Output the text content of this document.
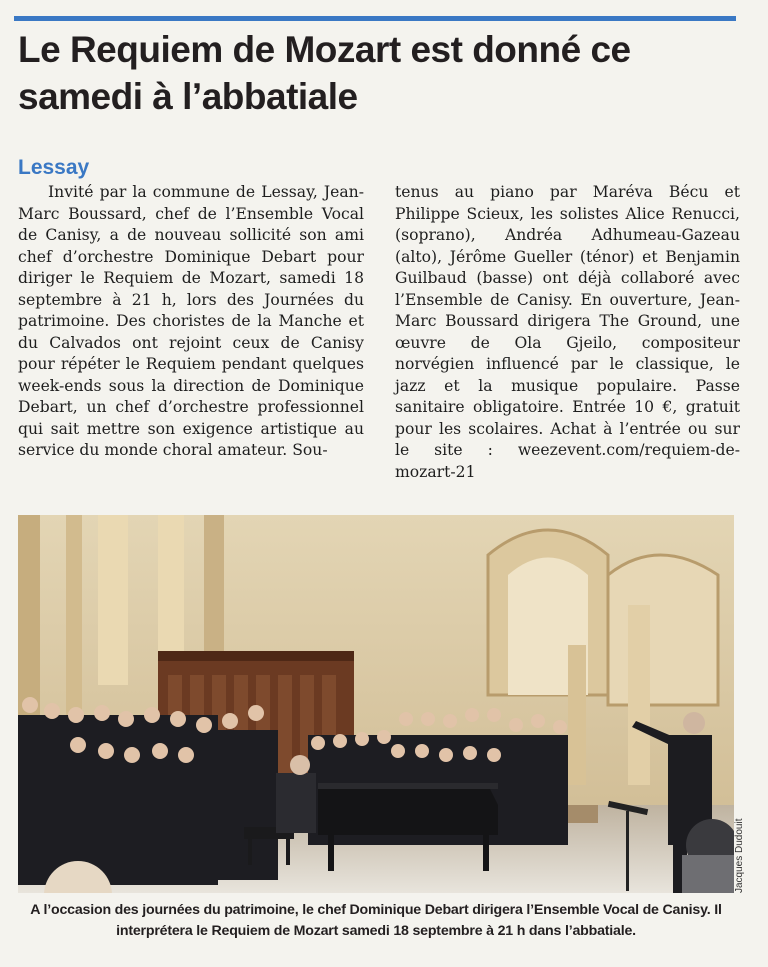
Le Requiem de Mozart est donné ce samedi à l’abbatiale
Lessay

Invité par la commune de Lessay, Jean-Marc Boussard, chef de l’Ensemble Vocal de Canisy, a de nouveau sollicité son ami chef d’orchestre Dominique Debart pour diriger le Requiem de Mozart, samedi 18 septembre à 21 h, lors des Journées du patrimoine. Des choristes de la Manche et du Calvados ont rejoint ceux de Canisy pour répéter le Requiem pendant quelques week-ends sous la direction de Dominique Debart, un chef d’orchestre professionnel qui sait mettre son exigence artistique au service du monde choral amateur. Sou-

tenus au piano par Maréva Bécu et Philippe Scieux, les solistes Alice Renucci, (soprano), Andréa Adhumeau-Gazeau (alto), Jérôme Gueller (ténor) et Benjamin Guilbaud (basse) ont déjà collaboré avec l’Ensemble de Canisy. En ouverture, Jean-Marc Boussard dirigera The Ground, une œuvre de Ola Gjeilo, compositeur norvégien influencé par le classique, le jazz et la musique populaire. Passe sanitaire obligatoire. Entrée 10 €, gratuit pour les scolaires. Achat à l’entrée ou sur le site : weezevent.com/requiem-de-mozart-21

Jacques Dudouit

A l’occasion des journées du patrimoine, le chef Dominique Debart dirigera l’Ensemble Vocal de Canisy. Il interprétera le Requiem de Mozart samedi 18 septembre à 21 h dans l’abbatiale.
